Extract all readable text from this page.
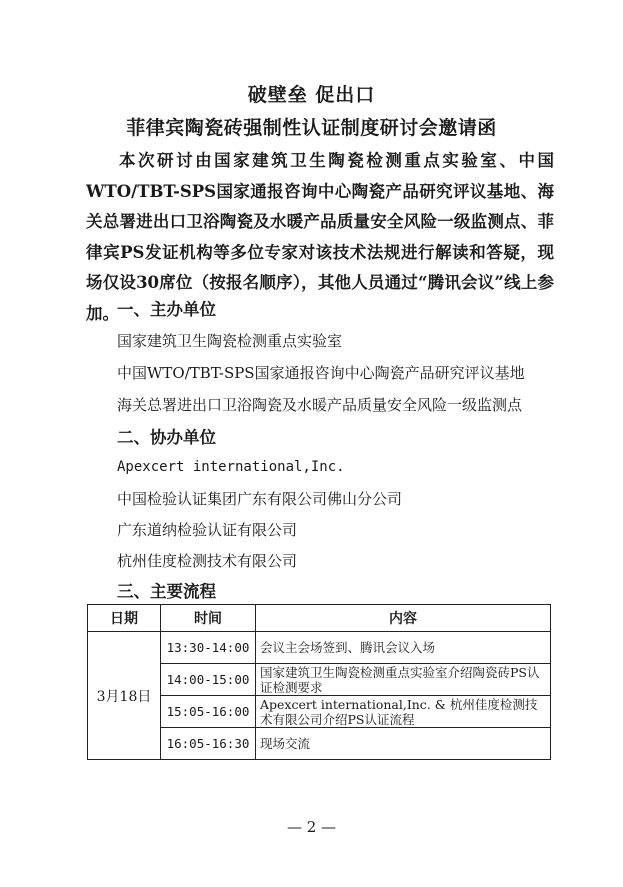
破壁垒 促出口
菲律宾陶瓷砖强制性认证制度研讨会邀请函
本次研讨由国家建筑卫生陶瓷检测重点实验室、中国WTO/TBT-SPS国家通报咨询中心陶瓷产品研究评议基地、海关总署进出口卫浴陶瓷及水暖产品质量安全风险一级监测点、菲律宾PS发证机构等多位专家对该技术法规进行解读和答疑，现场仅设30席位（按报名顺序），其他人员通过“腾讯会议”线上参加。
一、主办单位
国家建筑卫生陶瓷检测重点实验室
中国WTO/TBT-SPS国家通报咨询中心陶瓷产品研究评议基地
海关总署进出口卫浴陶瓷及水暖产品质量安全风险一级监测点
二、协办单位
Apexcert international,Inc.
中国检验认证集团广东有限公司佛山分公司
广东道纳检验认证有限公司
杭州佳度检测技术有限公司
三、主要流程
日期	时间	内容
3月18日	13:30-14:00	会议主会场签到、腾讯会议入场
	14:00-15:00	国家建筑卫生陶瓷检测重点实验室介绍陶瓷砖PS认证检测要求
	15:05-16:00	Apexcert international,Inc. & 杭州佳度检测技术有限公司介绍PS认证流程
	16:05-16:30	现场交流
— 2 —
